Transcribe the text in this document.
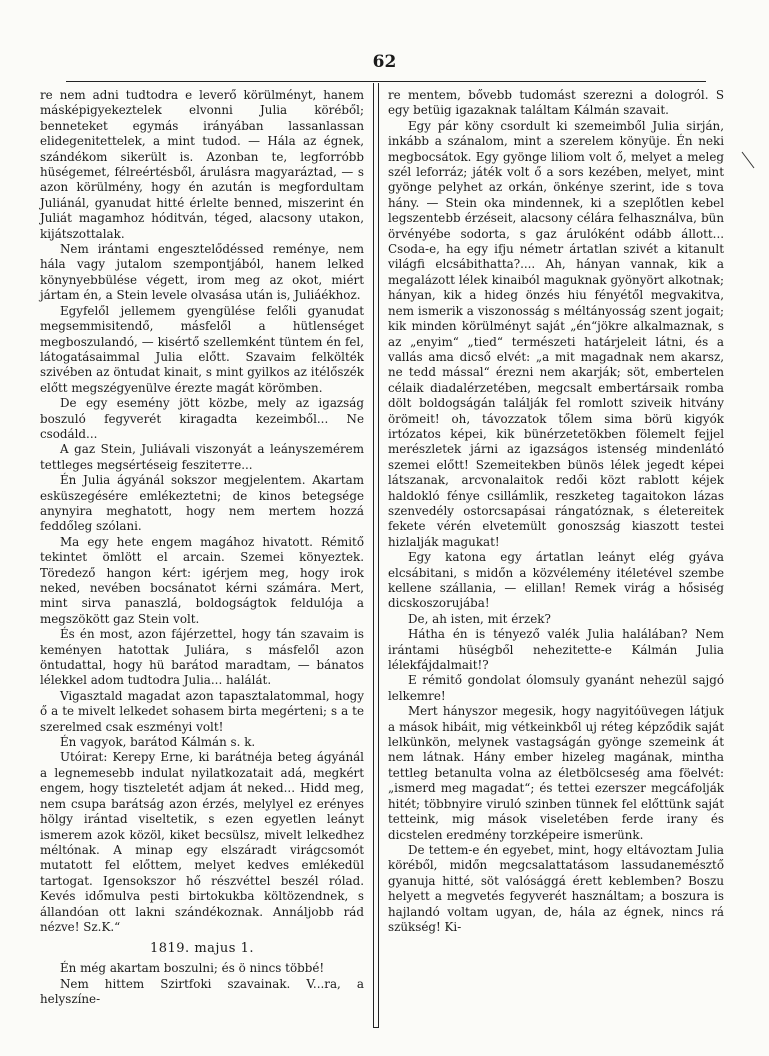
62
re nem adni tudtodra e leverő körülményt, hanem másképigyekeztelek elvonni Julia köréből; benneteket egymás irányában lassanlassan elidegenitettelek, a mint tudod. — Hála az égnek, szándékom sikerült is. Azonban te, legforróbb hüségemet, félreértésből, árulásra magyaráztad, — s azon körülmény, hogy én azután is megfordultam Juliánál, gyanudat hitté érlelte benned, miszerint én Juliát magamhoz hóditván, téged, alacsony utakon, kijátszottalak.
Nem irántami engesztelődéssed reménye, nem hála vagy jutalom szempontjából, hanem lelked könynyebbülése végett, irom meg az okot, miért jártam én, a Stein levele olvasása után is, Juliáékhoz.
Egyfelől jellemem gyengülése felőli gyanudat megsemmisitendő, másfelől a hütlenséget megboszulandó, — kisértő szellemként tüntem én fel, látogatásaimmal Julia előtt. Szavaim felkölték szivében az öntudat kinait, s mint gyilkos az itélőszék előtt megszégyenülve érezte magát körömben.
De egy esemény jött közbe, mely az igazság boszuló fegyverét kiragadta kezeimből... Ne csodáld...
A gaz Stein, Juliávali viszonyát a leányszemérem tettleges megsértéseig fesziteтте...
Én Julia ágyánál sokszor megjelentem. Akartam esküszegésére emlékeztetni; de kinos betegsége anynyira meghatott, hogy nem mertem hozzá feddőleg szólani.
Ma egy hete engem magához hivatott. Rémitő tekintet ömlött el arcain. Szemei könyeztek. Töredező hangon kért: igérjem meg, hogy irok neked, nevében bocsánatot kérni számára. Mert, mint sirva panaszlá, boldogságtok feldulója a megszökött gaz Stein volt.
És én most, azon fájérzettel, hogy tán szavaim is keményen hatottak Juliára, s másfelől azon öntudattal, hogy hü barátod maradtam, — bánatos lélekkel adom tudtodra Julia... halálát.
Vigasztald magadat azon tapasztalatommal, hogy ő a te mivelt lelkedet sohasem birta megérteni; s a te szerelmed csak eszményi volt!
Én vagyok, barátod Kálmán s. k.
Utóirat: Kerepy Erne, ki barátnéja beteg ágyánál a legnemesebb indulat nyilatkozatait adá, megkért engem, hogy tiszteletét adjam át neked... Hidd meg, nem csupa barátság azon érzés, melylyel ez erényes hölgy irántad viseltetik, s ezen egyetlen leányt ismerem azok közöl, kiket becsülsz, mivelt lelkedhez méltónak. A minap egy elszáradt virágcsomót mutatott fel előttem, melyet kedves emlékedül tartogat. Igensokszor hő részvéttel beszél rólad. Kevés időmulva pesti birtokukba költözendnek, s állandóan ott lakni szándékoznak. Annáljobb rád nézve! Sz.K.“
1819. majus 1.
Én még akartam boszulni; és ö nincs többé!
Nem hittem Szirtfoki szavainak. V...ra, a helyszíne-
re mentem, bővebb tudomást szerezni a dologról. S egy betüig igazaknak találtam Kálmán szavait.
Egy pár köny csordult ki szemeimből Julia sirján, inkább a szánalom, mint a szerelem könyüje. Én neki megbocsátok. Egy gyönge liliom volt ő, melyet a meleg szél leforráz; játék volt ő a sors kezében, melyet, mint gyönge pelyhet az orkán, önkénye szerint, ide s tova hány. — Stein oka mindennek, ki a szeplőtlen kebel legszentebb érzéseit, alacsony célára felhasználva, bün örvényébe sodorta, s gaz árulóként odább állott... Csoda-e, ha egy ifju németr ártatlan szivét a kitanult világfi elcsábithatta?.... Ah, hányan vannak, kik a megalázott lélek kinaiból maguknak gyönyört alkotnak; hányan, kik a hideg önzés hiu fényétől megvakitva, nem ismerik a viszonosság s méltányosság szent jogait; kik minden körülményt saját „én“jökre alkalmaznak, s az „enyim“ „tied“ természeti határjeleit látni, és a vallás ama dicső elvét: „a mit magadnak nem akarsz, ne tedd mással“ érezni nem akarják; söt, embertelen célaik diadalérzetében, megcsalt embertársaik romba dölt boldogságán találják fel romlott sziveik hitvány örömeit! oh, távozzatok tőlem sima börü kigyók irtózatos képei, kik bünérzetetökben fölemelt fejjel merészletek járni az igazságos istenség mindenlátó szemei előtt! Szemeitekben bünös lélek jegedt képei látszanak, arcvonalaitok redői közt rablott kéjek haldokló fénye csillámlik, reszketeg tagaitokon lázas szenvedély ostorcsapásai rángatóznak, s életereitek fekete vérén elvetemült gonoszság kiaszott testei hizlalják magukat!
Egy katona egy ártatlan leányt elég gyáva elcsábitani, s midőn a közvélemény itéletével szembe kellene szállania, — elillan! Remek virág a hősiség dicskoszorujába!
De, ah isten, mit érzek?
Hátha én is tényező valék Julia halálában? Nem irántami hüségből nehezitette-e Kálmán Julia lélekfájdalmait!?
E rémitő gondolat ólomsuly gyanánt nehezül sajgó lelkemre!
Mert hányszor megesik, hogy nagyitóüvegen látjuk a mások hibáit, mig vétkeinkből uj réteg képződik saját lelkünkön, melynek vastagságán gyönge szemeink át nem látnak. Hány ember hizeleg magának, mintha tettleg betanulta volna az életbölcseség ama föelvét: „ismerd meg magadat“; és tettei ezerszer megcáfolják hitét; többnyire viruló szinben tünnek fel előttünk saját tetteink, mig mások viseletében ferde irany és dicstelen eredmény torzképeire ismerünk.
De tettem-e én egyebet, mint, hogy eltávoztam Julia köréből, midőn megcsalattatásom lassudanemésztő gyanuja hitté, söt valósággá érett keblemben? Boszu helyett a megvetés fegyverét használtam; a boszura is hajlandó voltam ugyan, de, hála az égnek, nincs rá szükség! Ki-
